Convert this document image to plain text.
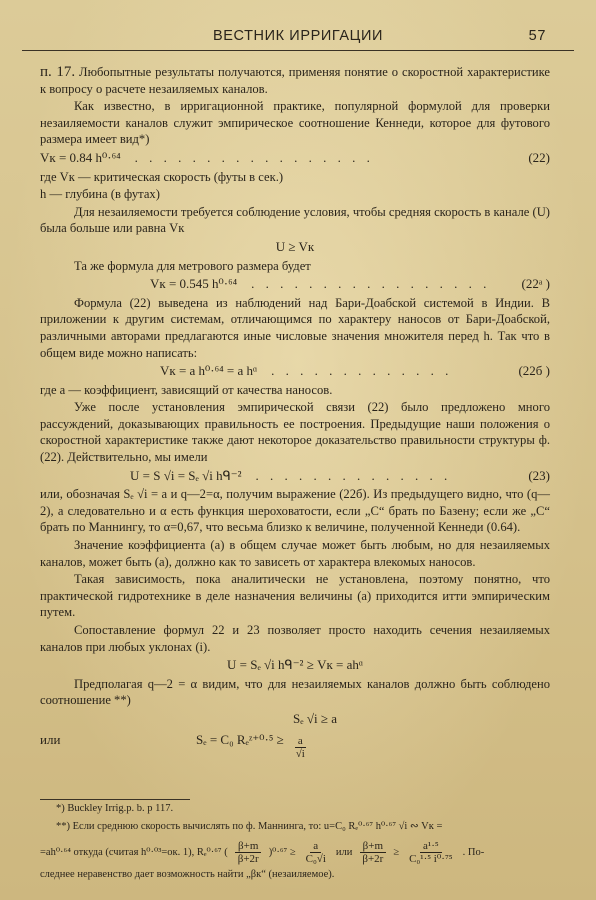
ВЕСТНИК ИРРИГАЦИИ	57

п. 17. Любопытные результаты получаются, применяя понятие о скоростной характеристике к вопросу о расчете незаиляемых каналов.

Как известно, в ирригационной практике, популярной формулой для проверки незаиляемости каналов служит эмпирическое соотношение Кеннеди, которое для футового размера имеет вид*)

Vк = 0.84 h⁰·⁶⁴ . . . . . . . . . . . . . . . . .	(22)

где Vк — критическая скорость (футы в сек.)

h — глубина (в футах)

Для незаиляемости требуется соблюдение условия, чтобы средняя скорость в канале (U) была больше или равна Vк

U ≥ Vк

Та же формула для метрового размера будет

Vк = 0.545 h⁰·⁶⁴ . . . . . . . . . . . . . . . . .	(22ᵃ )

Формула (22) выведена из наблюдений над Бари-Доабской системой в Индии. В приложении к другим системам, отличающимся по характеру наносов от Бари-Доабской, различными авторами предлагаются иные числовые значения множителя перед h. Так что в общем виде можно написать:

Vк = a h⁰·⁶⁴ = a hᵅ . . . . . . . . . . . . .	(22б )

где a — коэффициент, зависящий от качества наносов.

Уже после установления эмпирической связи (22) было предложено много рассуждений, доказывающих правильность ее построения. Предыдущие наши положения о скоростной характеристике также дают некоторое доказательство правильности структуры ф. (22). Действительно, мы имели

U = S √i = Sₑ √i hᑫ⁻² . . . . . . . . . . . . . .	(23)

или, обозначая Sₑ √i = a и q—2=α, получим выражение (22б). Из предыдущего видно, что (q—2), а следовательно и α есть функция шероховатости, если „С“ брать по Базену; если же „С“ брать по Маннингу, то α=0,67, что весьма близко к величине, полученной Кеннеди (0.64).

Значение коэффициента (a) в общем случае может быть любым, но для незаиляемых каналов, может быть (a), должно как то зависеть от характера влекомых наносов.

Такая зависимость, пока аналитически не установлена, поэтому понятно, что практической гидротехнике в деле назначения величины (a) приходится итти эмпирическим путем.

Сопоставление формул 22 и 23 позволяет просто находить сечения незаиляемых каналов при любых уклонах (i).

U = Sₑ √i hᑫ⁻² ≥ Vк = ahᵅ

Предполагая q—2 = α видим, что для незаиляемых каналов должно быть соблюдено соотношение **)

Sₑ √i ≥ a
или	Sₑ = C₀ Rₑᶻ⁺⁰·⁵ ≥ $\frac{a}{√i}$
*) Buckley Irrig.p. b. p 117.
**) Если среднюю скорость вычислять по ф. Маннинга, то: u=C₀ Rₑ⁰·⁶⁷ h⁰·⁶⁷ √i ∾ Vк =
=ah⁰·⁶⁴ откуда (считая h⁰·⁰³=ок. 1), Rₑ⁰·⁶⁷ ( $\frac{\beta+m}{\beta+2r} )^0\cdot^{67} \ge \frac{a}{\text{C₀√i}}$ или $\frac{\beta+m}{\beta+2r} \ge \frac{\text{a¹·⁵}}{\text{C₀¹·⁵ i⁰·⁷⁵}}$ . По-
следнее неравенство дает возможность найти „βк“ (незаиляемое).
